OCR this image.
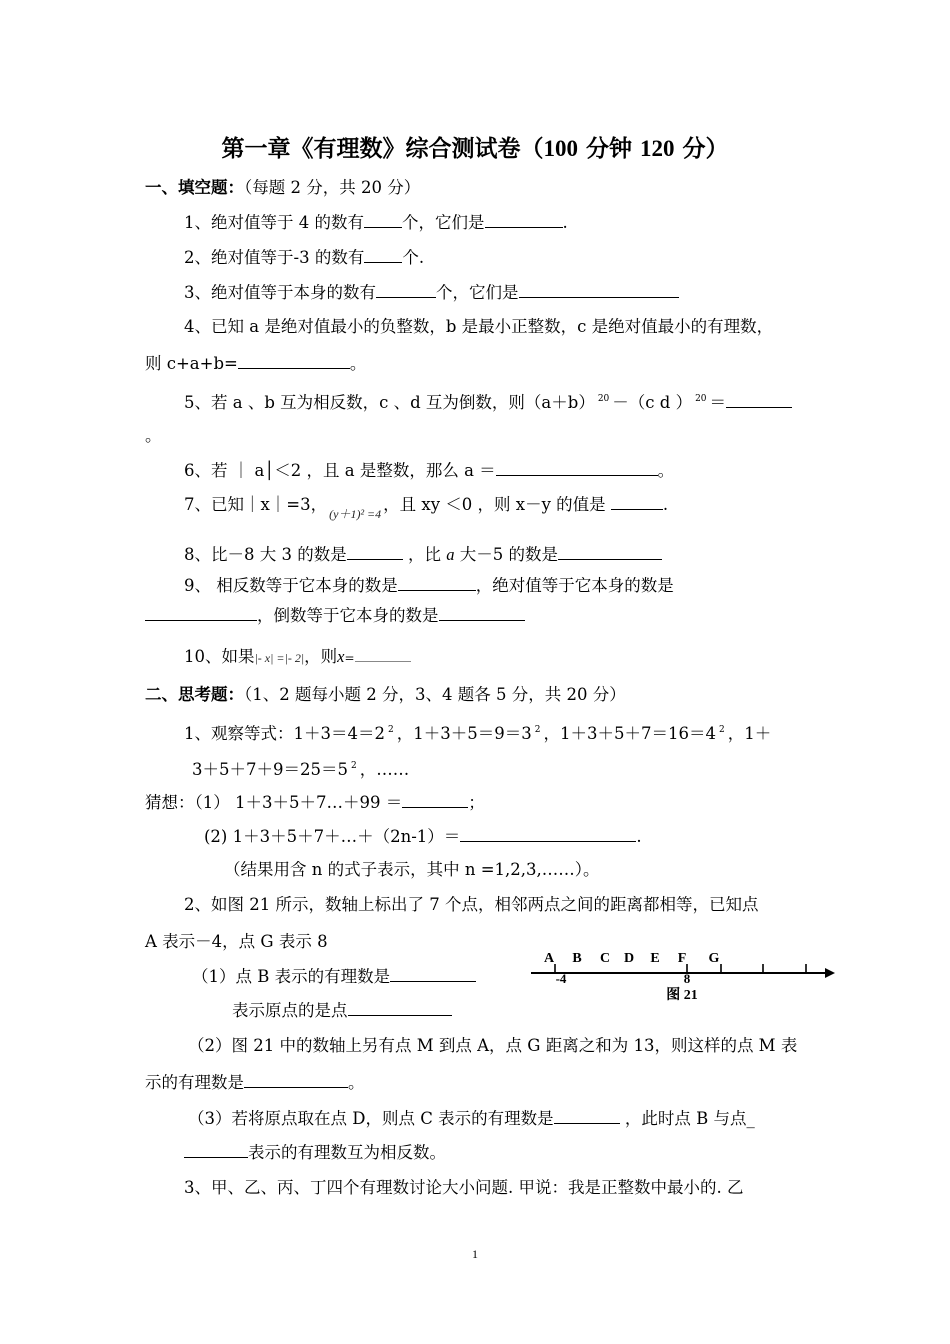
第一章《有理数》综合测试卷（100 分钟 120 分）
一、填空题：（每题 2 分，共 20 分）
1、绝对值等于 4 的数有 个，它们是	.
2、绝对值等于-3 的数有 个.
3、绝对值等于本身的数有	个，它们是
4、已知 a 是绝对值最小的负整数，b 是最小正整数，c 是绝对值最小的有理数，
则 c+a+b=	。
5、若 a 、b 互为相反数，c 、d 互为倒数，则（a＋b） $^{20}$ －（c d ） $^{20}$ ＝
。
6、若 ｜ a│＜2 ，且 a 是整数，那么 a ＝	。
7、已知｜x｜=3， (y＋1)² =4 ，且 xy ＜0 ，则 x－y 的值是	.
8、比－8 大 3 的数是	，比 a 大－5 的数是
9、 相反数等于它本身的数是	，绝对值等于它本身的数是
，倒数等于它本身的数是
10、如果|- x| =|- 2|，则x=
二、思考题：（1、2 题每小题 2 分，3、4 题各 5 分，共 20 分）
1、观察等式：1＋3＝4＝2 $^2$ ，1＋3＋5＝9＝3 $^2$ ，1＋3＋5＋7＝16＝4 $^2$ ，1＋
3＋5＋7＋9＝25＝5 $^2$ ，……
猜想：（1） 1＋3＋5＋7…＋99 ＝	；
(2) 1＋3＋5＋7＋…＋（2n-1）＝	.
（结果用含 n 的式子表示，其中 n =1,2,3,……）。
2、如图 21 所示，数轴上标出了 7 个点，相邻两点之间的距离都相等，已知点
A 表示－4，点 G 表示 8
（1）点 B 表示的有理数是
表示原点的是点
A B C D E F G
-4	8
图 21
（2）图 21 中的数轴上另有点 M 到点 A，点 G 距离之和为 13，则这样的点 M 表
示的有理数是	。
（3）若将原点取在点 D，则点 C 表示的有理数是	，此时点 B 与点_
表示的有理数互为相反数。
3、甲、乙、丙、丁四个有理数讨论大小问题. 甲说：我是正整数中最小的. 乙
1
